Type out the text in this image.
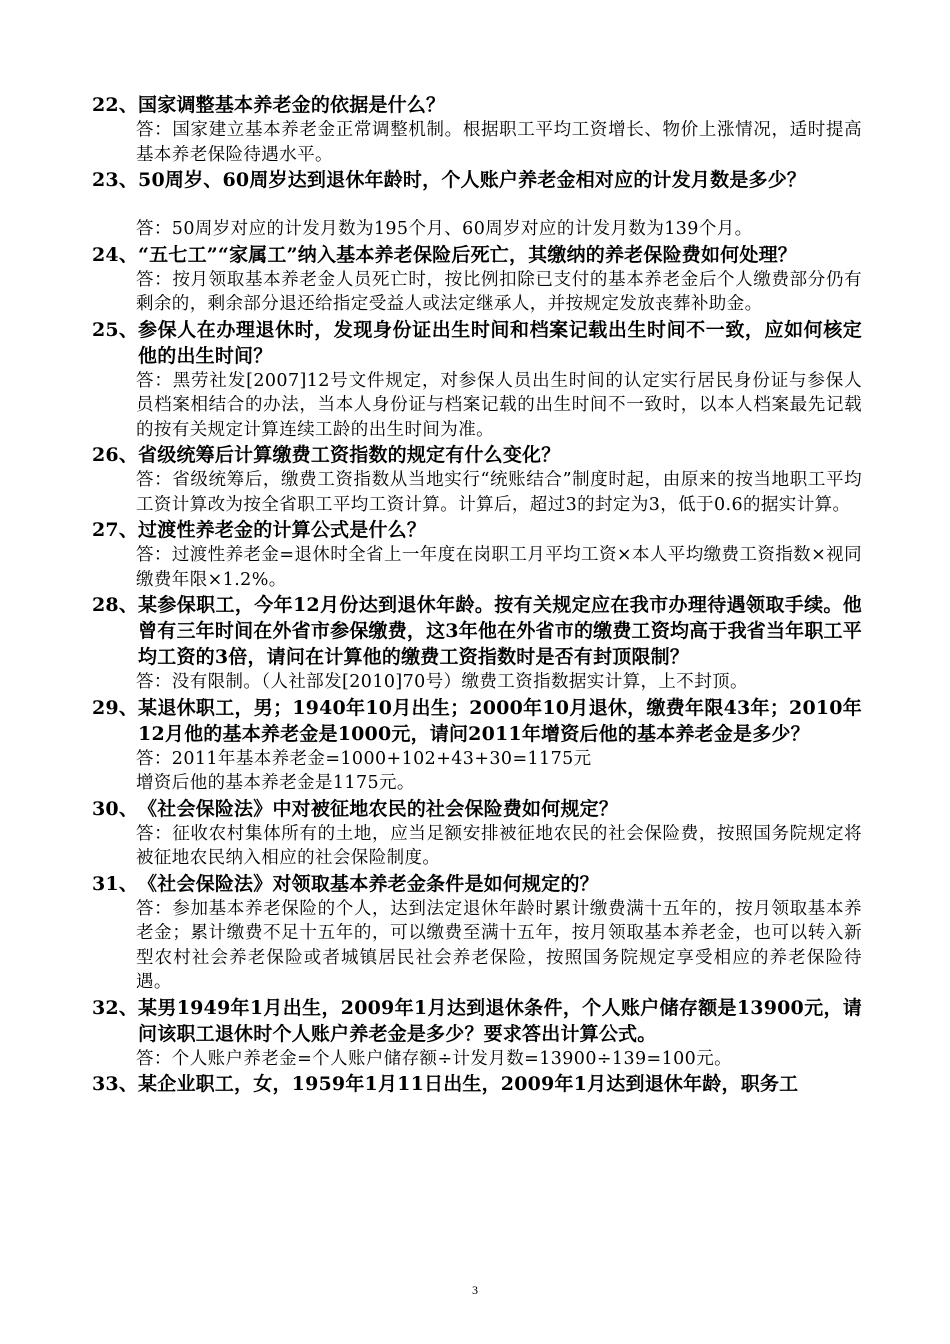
22、 国家调整基本养老金的依据是什么？

答：国家建立基本养老金正常调整机制。根据职工平均工资增长、物价上涨情况，适时提高基本养老保险待遇水平。

23、 50周岁、60周岁达到退休年龄时，个人账户养老金相对应的计发月数是多少？

答：50周岁对应的计发月数为195个月、60周岁对应的计发月数为139个月。

24、 “五七工”“家属工”纳入基本养老保险后死亡，其缴纳的养老保险费如何处理？

答：按月领取基本养老金人员死亡时，按比例扣除已支付的基本养老金后个人缴费部分仍有剩余的，剩余部分退还给指定受益人或法定继承人，并按规定发放丧葬补助金。

25、 参保人在办理退休时，发现身份证出生时间和档案记载出生时间不一致，应如何核定他的出生时间？

答：黑劳社发[2007]12号文件规定，对参保人员出生时间的认定实行居民身份证与参保人员档案相结合的办法，当本人身份证与档案记载的出生时间不一致时，以本人档案最先记载的按有关规定计算连续工龄的出生时间为准。

26、 省级统筹后计算缴费工资指数的规定有什么变化？

答：省级统筹后，缴费工资指数从当地实行“统账结合”制度时起，由原来的按当地职工平均工资计算改为按全省职工平均工资计算。计算后，超过3的封定为3，低于0.6的据实计算。

27、 过渡性养老金的计算公式是什么？

答：过渡性养老金=退休时全省上一年度在岗职工月平均工资×本人平均缴费工资指数×视同缴费年限×1.2%。

28、 某参保职工，今年12月份达到退休年龄。按有关规定应在我市办理待遇领取手续。他曾有三年时间在外省市参保缴费，这3年他在外省市的缴费工资均高于我省当年职工平均工资的3倍，请问在计算他的缴费工资指数时是否有封顶限制？

答：没有限制。（人社部发[2010]70号）缴费工资指数据实计算，上不封顶。

29、 某退休职工，男；1940年10月出生；2000年10月退休，缴费年限43年；2010年12月他的基本养老金是1000元，请问2011年增资后他的基本养老金是多少？

答：2011年基本养老金=1000+102+43+30=1175元

增资后他的基本养老金是1175元。

30、 《社会保险法》中对被征地农民的社会保险费如何规定？

答：征收农村集体所有的土地，应当足额安排被征地农民的社会保险费，按照国务院规定将被征地农民纳入相应的社会保险制度。

31、 《社会保险法》对领取基本养老金条件是如何规定的？

答：参加基本养老保险的个人，达到法定退休年龄时累计缴费满十五年的，按月领取基本养老金；累计缴费不足十五年的，可以缴费至满十五年，按月领取基本养老金，也可以转入新型农村社会养老保险或者城镇居民社会养老保险，按照国务院规定享受相应的养老保险待遇。

32、 某男1949年1月出生，2009年1月达到退休条件，个人账户储存额是13900元，请问该职工退休时个人账户养老金是多少？要求答出计算公式。

答：个人账户养老金=个人账户储存额÷计发月数=13900÷139=100元。

33、 某企业职工，女，1959年1月11日出生，2009年1月达到退休年龄，职务工
3
